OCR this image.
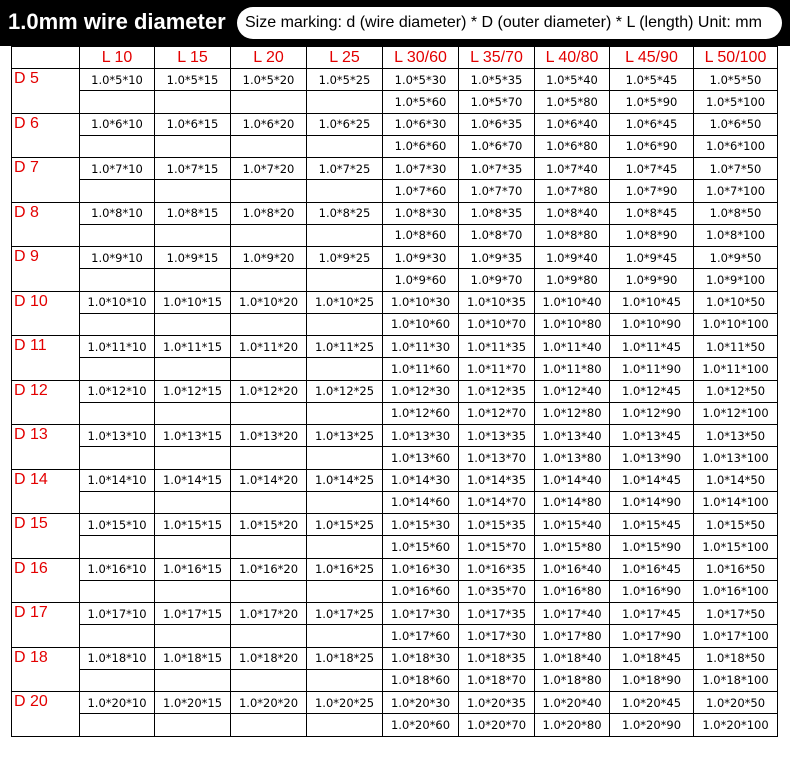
1.0mm wire diameter	Size marking: d (wire diameter) * D (outer diameter) * L (length) Unit: mm
	L 10	L 15	L 20	L 25	L 30/60	L 35/70	L 40/80	L 45/90	L 50/100
D 5	1.0*5*10	1.0*5*15	1.0*5*20	1.0*5*25	1.0*5*30	1.0*5*35	1.0*5*40	1.0*5*45	1.0*5*50
					1.0*5*60	1.0*5*70	1.0*5*80	1.0*5*90	1.0*5*100
D 6	1.0*6*10	1.0*6*15	1.0*6*20	1.0*6*25	1.0*6*30	1.0*6*35	1.0*6*40	1.0*6*45	1.0*6*50
					1.0*6*60	1.0*6*70	1.0*6*80	1.0*6*90	1.0*6*100
D 7	1.0*7*10	1.0*7*15	1.0*7*20	1.0*7*25	1.0*7*30	1.0*7*35	1.0*7*40	1.0*7*45	1.0*7*50
					1.0*7*60	1.0*7*70	1.0*7*80	1.0*7*90	1.0*7*100
D 8	1.0*8*10	1.0*8*15	1.0*8*20	1.0*8*25	1.0*8*30	1.0*8*35	1.0*8*40	1.0*8*45	1.0*8*50
					1.0*8*60	1.0*8*70	1.0*8*80	1.0*8*90	1.0*8*100
D 9	1.0*9*10	1.0*9*15	1.0*9*20	1.0*9*25	1.0*9*30	1.0*9*35	1.0*9*40	1.0*9*45	1.0*9*50
					1.0*9*60	1.0*9*70	1.0*9*80	1.0*9*90	1.0*9*100
D 10	1.0*10*10	1.0*10*15	1.0*10*20	1.0*10*25	1.0*10*30	1.0*10*35	1.0*10*40	1.0*10*45	1.0*10*50
					1.0*10*60	1.0*10*70	1.0*10*80	1.0*10*90	1.0*10*100
D 11	1.0*11*10	1.0*11*15	1.0*11*20	1.0*11*25	1.0*11*30	1.0*11*35	1.0*11*40	1.0*11*45	1.0*11*50
					1.0*11*60	1.0*11*70	1.0*11*80	1.0*11*90	1.0*11*100
D 12	1.0*12*10	1.0*12*15	1.0*12*20	1.0*12*25	1.0*12*30	1.0*12*35	1.0*12*40	1.0*12*45	1.0*12*50
					1.0*12*60	1.0*12*70	1.0*12*80	1.0*12*90	1.0*12*100
D 13	1.0*13*10	1.0*13*15	1.0*13*20	1.0*13*25	1.0*13*30	1.0*13*35	1.0*13*40	1.0*13*45	1.0*13*50
					1.0*13*60	1.0*13*70	1.0*13*80	1.0*13*90	1.0*13*100
D 14	1.0*14*10	1.0*14*15	1.0*14*20	1.0*14*25	1.0*14*30	1.0*14*35	1.0*14*40	1.0*14*45	1.0*14*50
					1.0*14*60	1.0*14*70	1.0*14*80	1.0*14*90	1.0*14*100
D 15	1.0*15*10	1.0*15*15	1.0*15*20	1.0*15*25	1.0*15*30	1.0*15*35	1.0*15*40	1.0*15*45	1.0*15*50
					1.0*15*60	1.0*15*70	1.0*15*80	1.0*15*90	1.0*15*100
D 16	1.0*16*10	1.0*16*15	1.0*16*20	1.0*16*25	1.0*16*30	1.0*16*35	1.0*16*40	1.0*16*45	1.0*16*50
					1.0*16*60	1.0*35*70	1.0*16*80	1.0*16*90	1.0*16*100
D 17	1.0*17*10	1.0*17*15	1.0*17*20	1.0*17*25	1.0*17*30	1.0*17*35	1.0*17*40	1.0*17*45	1.0*17*50
					1.0*17*60	1.0*17*30	1.0*17*80	1.0*17*90	1.0*17*100
D 18	1.0*18*10	1.0*18*15	1.0*18*20	1.0*18*25	1.0*18*30	1.0*18*35	1.0*18*40	1.0*18*45	1.0*18*50
					1.0*18*60	1.0*18*70	1.0*18*80	1.0*18*90	1.0*18*100
D 20	1.0*20*10	1.0*20*15	1.0*20*20	1.0*20*25	1.0*20*30	1.0*20*35	1.0*20*40	1.0*20*45	1.0*20*50
					1.0*20*60	1.0*20*70	1.0*20*80	1.0*20*90	1.0*20*100
